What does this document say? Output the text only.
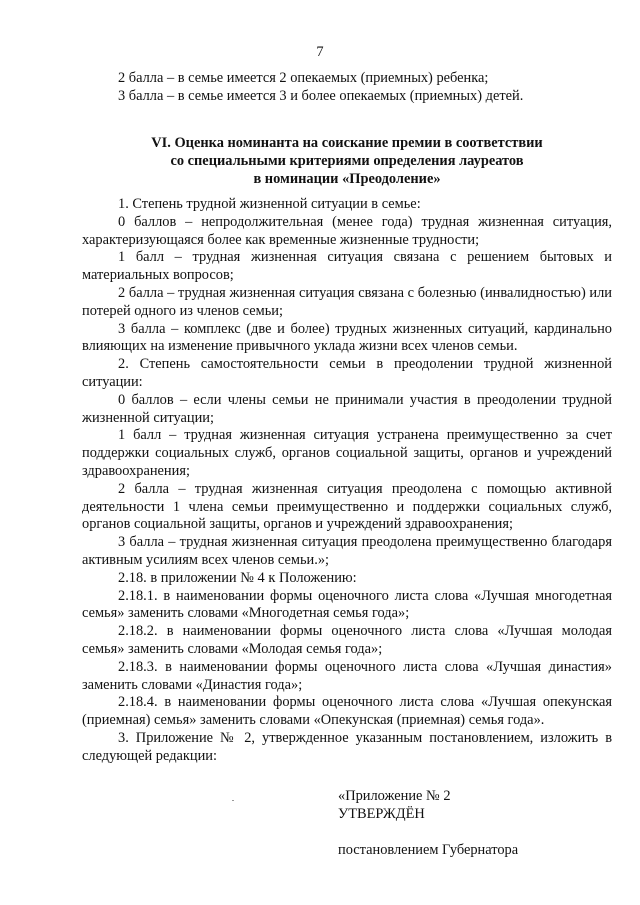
7

2 балла – в семье имеется 2 опекаемых (приемных) ребенка;

3 балла – в семье имеется 3 и более опекаемых (приемных) детей.

VI. Оценка номинанта на соискание премии в соответствии
со специальными критериями определения лауреатов
в номинации «Преодоление»

1. Степень трудной жизненной ситуации в семье:

0 баллов – непродолжительная (менее года) трудная жизненная ситуация, характеризующаяся более как временные жизненные трудности;

1 балл – трудная жизненная ситуация связана с решением бытовых и материальных вопросов;

2 балла – трудная жизненная ситуация связана с болезнью (инвалидностью) или потерей одного из членов семьи;

3 балла – комплекс (две и более) трудных жизненных ситуаций, кардинально влияющих на изменение привычного уклада жизни всех членов семьи.

2. Степень самостоятельности семьи в преодолении трудной жизненной ситуации:

0 баллов – если члены семьи не принимали участия в преодолении трудной жизненной ситуации;

1 балл – трудная жизненная ситуация устранена преимущественно за счет поддержки социальных служб, органов социальной защиты, органов и учреждений здравоохранения;

2 балла – трудная жизненная ситуация преодолена с помощью активной деятельности 1 члена семьи преимущественно и поддержки социальных служб, органов социальной защиты, органов и учреждений здравоохранения;

3 балла – трудная жизненная ситуация преодолена преимущественно благодаря активным усилиям всех членов семьи.»;

2.18. в приложении № 4 к Положению:

2.18.1. в наименовании формы оценочного листа слова «Лучшая многодетная семья» заменить словами «Многодетная семья года»;

2.18.2. в наименовании формы оценочного листа слова «Лучшая молодая семья» заменить словами «Молодая семья года»;

2.18.3. в наименовании формы оценочного листа слова «Лучшая династия» заменить словами «Династия года»;

2.18.4. в наименовании формы оценочного листа слова «Лучшая опекунская (приемная) семья» заменить словами «Опекунская (приемная) семья года».

3. Приложение № 2, утвержденное указанным постановлением, изложить в следующей редакции:

«Приложение № 2
УТВЕРЖДЁН
постановлением Губернатора
